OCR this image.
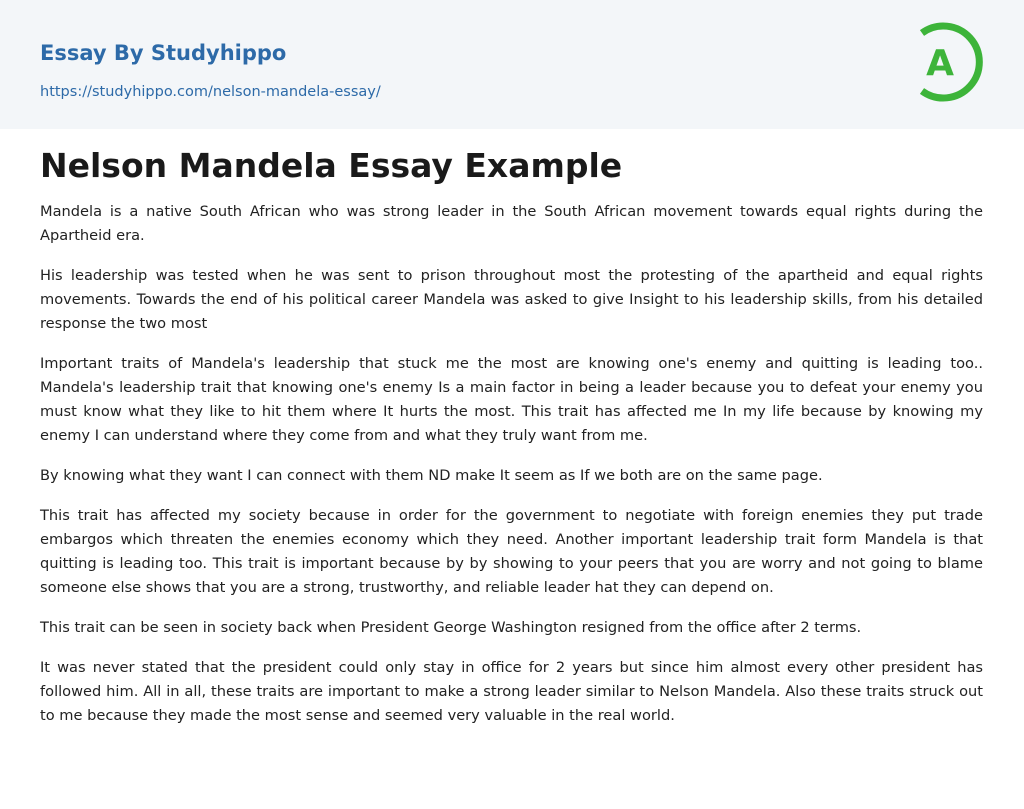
Essay By Studyhippo
https://studyhippo.com/nelson-mandela-essay/
A
Nelson Mandela Essay Example

Mandela is a native South African who was strong leader in the South African movement towards equal rights during the Apartheid era.

His leadership was tested when he was sent to prison throughout most the protesting of the apartheid and equal rights movements. Towards the end of his political career Mandela was asked to give Insight to his leadership skills, from his detailed response the two most

Important traits of Mandela's leadership that stuck me the most are knowing one's enemy and quitting is leading too.. Mandela's leadership trait that knowing one's enemy Is a main factor in being a leader because you to defeat your enemy you must know what they like to hit them where It hurts the most. This trait has affected me In my life because by knowing my enemy I can understand where they come from and what they truly want from me.

By knowing what they want I can connect with them ND make It seem as If we both are on the same page.

This trait has affected my society because in order for the government to negotiate with foreign enemies they put trade embargos which threaten the enemies economy which they need. Another important leadership trait form Mandela is that quitting is leading too. This trait is important because by by showing to your peers that you are worry and not going to blame someone else shows that you are a strong, trustworthy, and reliable leader hat they can depend on.

This trait can be seen in society back when President George Washington resigned from the office after 2 terms.

It was never stated that the president could only stay in office for 2 years but since him almost every other president has followed him. All in all, these traits are important to make a strong leader similar to Nelson Mandela. Also these traits struck out to me because they made the most sense and seemed very valuable in the real world.
